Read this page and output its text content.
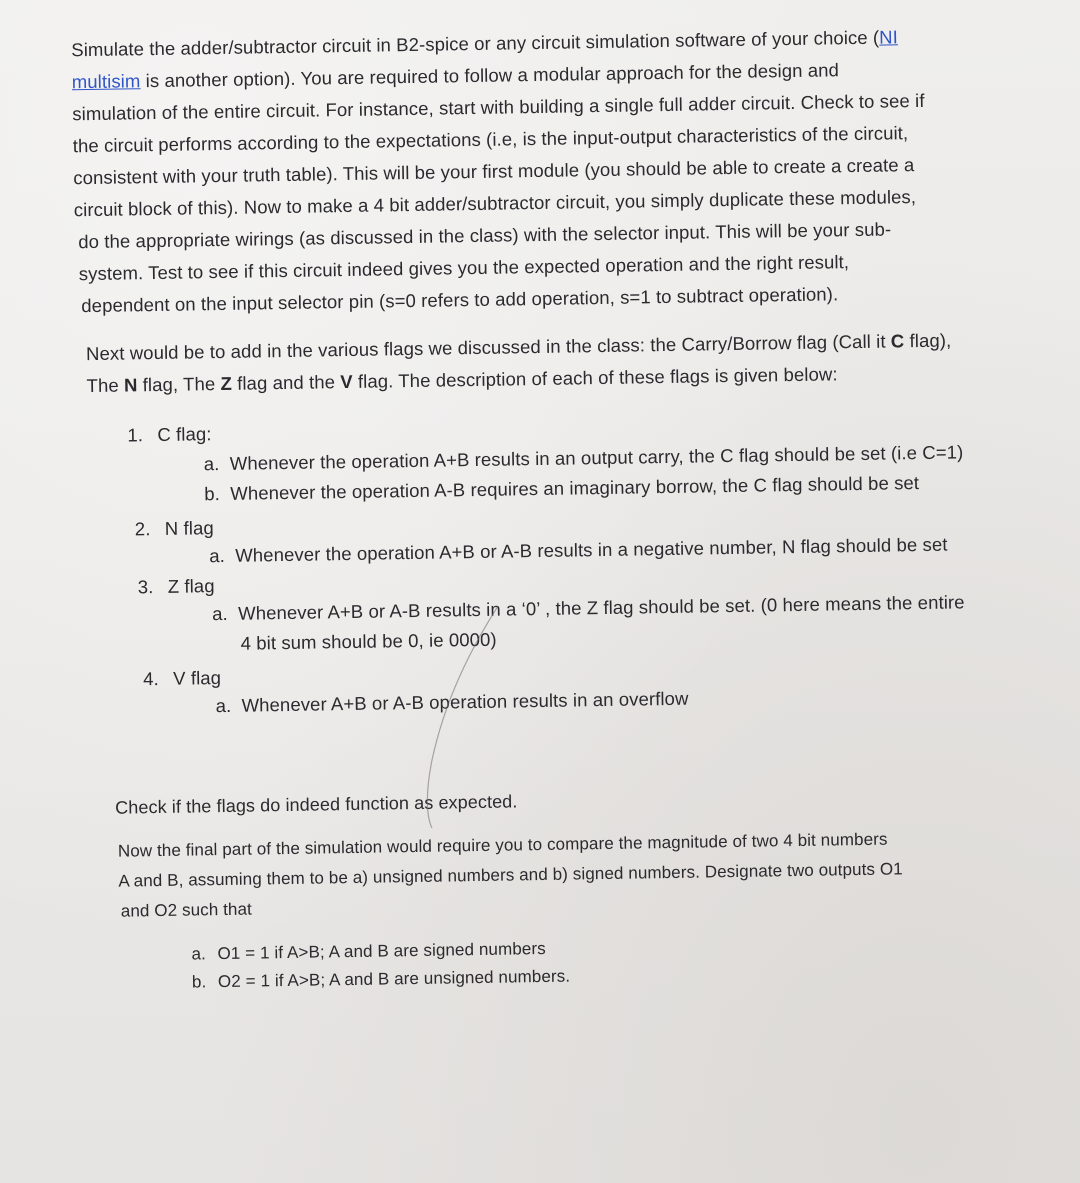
Simulate the adder/subtractor circuit in B2-spice or any circuit simulation software of your choice (NI
multisim is another option). You are required to follow a modular approach for the design and
simulation of the entire circuit. For instance, start with building a single full adder circuit. Check to see if
the circuit performs according to the expectations (i.e, is the input-output characteristics of the circuit,
consistent with your truth table). This will be your first module (you should be able to create a create a
circuit block of this). Now to make a 4 bit adder/subtractor circuit, you simply duplicate these modules,
do the appropriate wirings (as discussed in the class) with the selector input. This will be your sub-
system. Test to see if this circuit indeed gives you the expected operation and the right result,
dependent on the input selector pin (s=0 refers to add operation, s=1 to subtract operation).
Next would be to add in the various flags we discussed in the class: the Carry/Borrow flag (Call it C flag),
The N flag, The Z flag and the V flag. The description of each of these flags is given below:
1. C flag:
a. Whenever the operation A+B results in an output carry, the C flag should be set (i.e C=1)
b. Whenever the operation A-B requires an imaginary borrow, the C flag should be set
2. N flag
a. Whenever the operation A+B or A-B results in a negative number, N flag should be set
3. Z flag
a. Whenever A+B or A-B results in a ‘0’ , the Z flag should be set. (0 here means the entire
4 bit sum should be 0, ie 0000)
4. V flag
a. Whenever A+B or A-B operation results in an overflow
Check if the flags do indeed function as expected.
Now the final part of the simulation would require you to compare the magnitude of two 4 bit numbers
A and B, assuming them to be a) unsigned numbers and b) signed numbers. Designate two outputs O1
and O2 such that
a. O1 = 1 if A>B; A and B are signed numbers
b. O2 = 1 if A>B; A and B are unsigned numbers.
